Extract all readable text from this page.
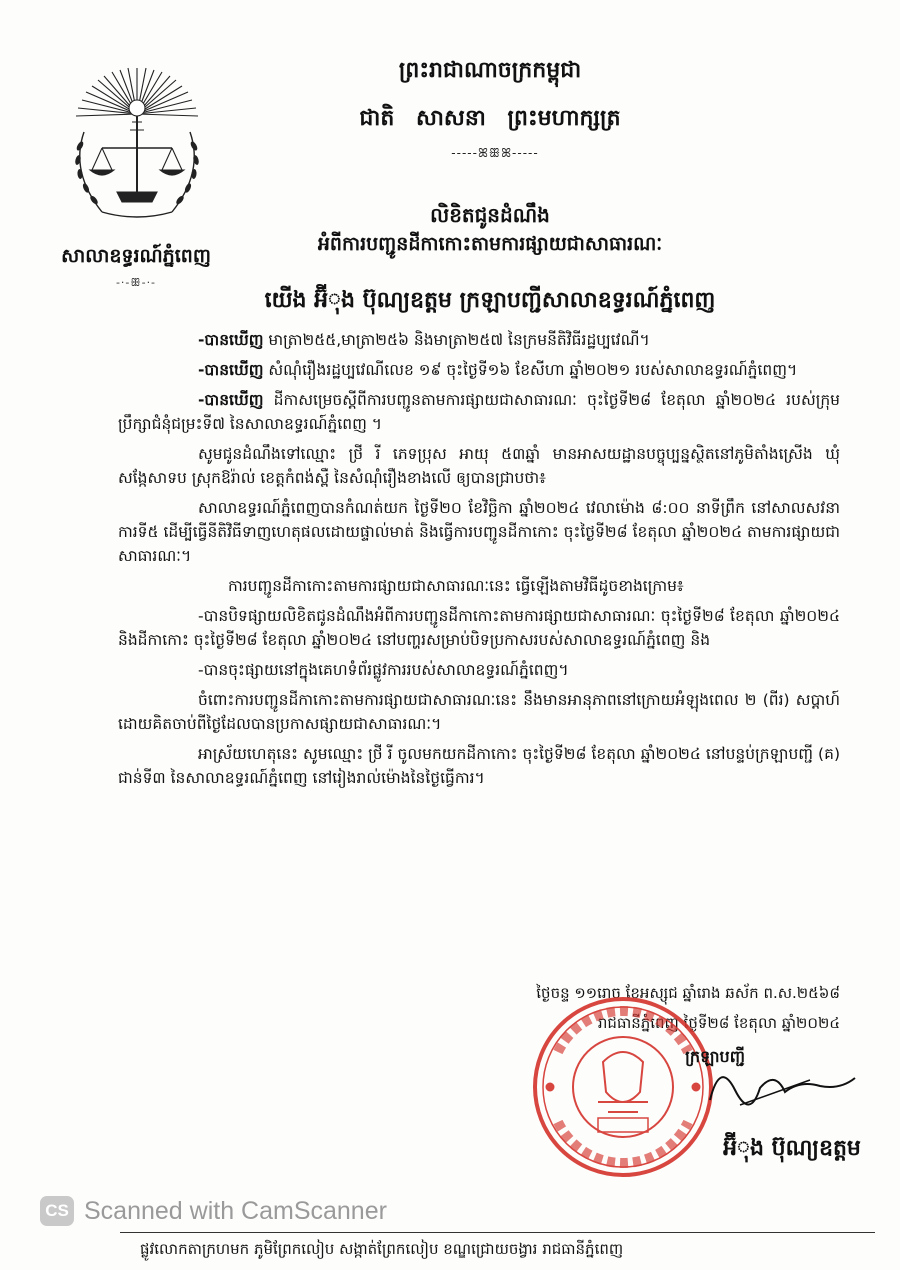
សាលាឧទ្ធរណ៍ភ្នំពេញ
-·-ꕥ-·-
ព្រះរាជាណាចក្រកម្ពុជា
ជាតិ សាសនា ព្រះមហាក្សត្រ
-----ꕤꕥꕤ-----
លិខិតជូនដំណឹង
អំពីការបញ្ជូនដីកាកោះតាមការផ្សាយជាសាធារណៈ
យើង អ៊ីុង ប៊ុណ្យឧត្តម ក្រឡាបញ្ជីសាលាឧទ្ធរណ៍ភ្នំពេញ

-បានឃើញ មាត្រា២៥៥,មាត្រា២៥៦ និងមាត្រា២៥៧ នៃក្រមនីតិវិធីរដ្ឋប្បវេណី។

-បានឃើញ សំណុំរឿងរដ្ឋប្បវេណីលេខ ១៩ ចុះថ្ងៃទី១៦ ខែសីហា ឆ្នាំ២០២១ របស់សាលាឧទ្ធរណ៍ភ្នំពេញ។

-បានឃើញ ដីកាសម្រេចស្តីពីការបញ្ជូនតាមការផ្សាយជាសាធារណៈ ចុះថ្ងៃទី២៨ ខែតុលា ឆ្នាំ២០២៤ របស់ក្រុមប្រឹក្សាជំនុំជម្រះទី៧ នៃសាលាឧទ្ធរណ៍ភ្នំពេញ ។

សូមជូនដំណឹងទៅឈ្មោះ ថ្រី រី ភេទប្រុស អាយុ ៥៣ឆ្នាំ មានអាសយដ្ឋានបច្ចុប្បន្នស្ថិតនៅភូមិតាំងស្រើង ឃុំសង្កែសាទប ស្រុកឱរ៉ាល់ ខេត្តកំពង់ស្ពឺ នៃសំណុំរឿងខាងលើ ឲ្យបានជ្រាបថា៖

សាលាឧទ្ធរណ៍ភ្នំពេញបានកំណត់យក ថ្ងៃទី២០ ខែវិច្ឆិកា ឆ្នាំ២០២៤ វេលាម៉ោង ៨:០០ នាទីព្រឹក នៅសាលសវនាការទី៥ ដើម្បីធ្វើនីតិវិធីទាញហេតុផលដោយផ្ទាល់មាត់ និងធ្វើការបញ្ជូនដីកាកោះ ចុះថ្ងៃទី២៨ ខែតុលា ឆ្នាំ២០២៤ តាមការផ្សាយជាសាធារណៈ។

ការបញ្ជូនដីកាកោះតាមការផ្សាយជាសាធារណៈនេះ ធ្វើឡើងតាមវិធីដូចខាងក្រោម៖

-បានបិទផ្សាយលិខិតជូនដំណឹងអំពីការបញ្ជូនដីកាកោះតាមការផ្សាយជាសាធារណៈ ចុះថ្ងៃទី២៨ ខែតុលា ឆ្នាំ២០២៤ និងដីកាកោះ ចុះថ្ងៃទី២៨ ខែតុលា ឆ្នាំ២០២៤ នៅបញ្ហរសម្រាប់បិទប្រកាសរបស់សាលាឧទ្ធរណ៍ភ្នំពេញ និង

-បានចុះផ្សាយនៅក្នុងគេហទំព័រផ្លូវការរបស់សាលាឧទ្ធរណ៍ភ្នំពេញ។

ចំពោះការបញ្ជូនដីកាកោះតាមការផ្សាយជាសាធារណៈនេះ នឹងមានអានុភាពនៅក្រោយអំឡុងពេល ២ (ពីរ) សប្តាហ៍ ដោយគិតចាប់ពីថ្ងៃដែលបានប្រកាសផ្សាយជាសាធារណៈ។

អាស្រ័យហេតុនេះ សូមឈ្មោះ ថ្រី រី ចូលមកយកដីកាកោះ ចុះថ្ងៃទី២៨ ខែតុលា ឆ្នាំ២០២៤ នៅបន្ទប់ក្រឡាបញ្ជី (គ) ជាន់ទី៣ នៃសាលាឧទ្ធរណ៍ភ្នំពេញ នៅរៀងរាល់ម៉ោងនៃថ្ងៃធ្វើការ។

ថ្ងៃចន្ទ ១១រោច ខែអស្សុជ ឆ្នាំរោង ឆស័ក ព.ស.២៥៦៨
រាជធានីភ្នំពេញ ថ្ងៃទី២៨ ខែតុលា ឆ្នាំ២០២៤
ក្រឡាបញ្ជី
អ៊ីុង ប៊ុណ្យឧត្តម
CS Scanned with CamScanner
ផ្លូវលោកតាក្រហមក ភូមិព្រែកលៀប សង្កាត់ព្រែកលៀប ខណ្ឌជ្រោយចង្វារ រាជធានីភ្នំពេញ
